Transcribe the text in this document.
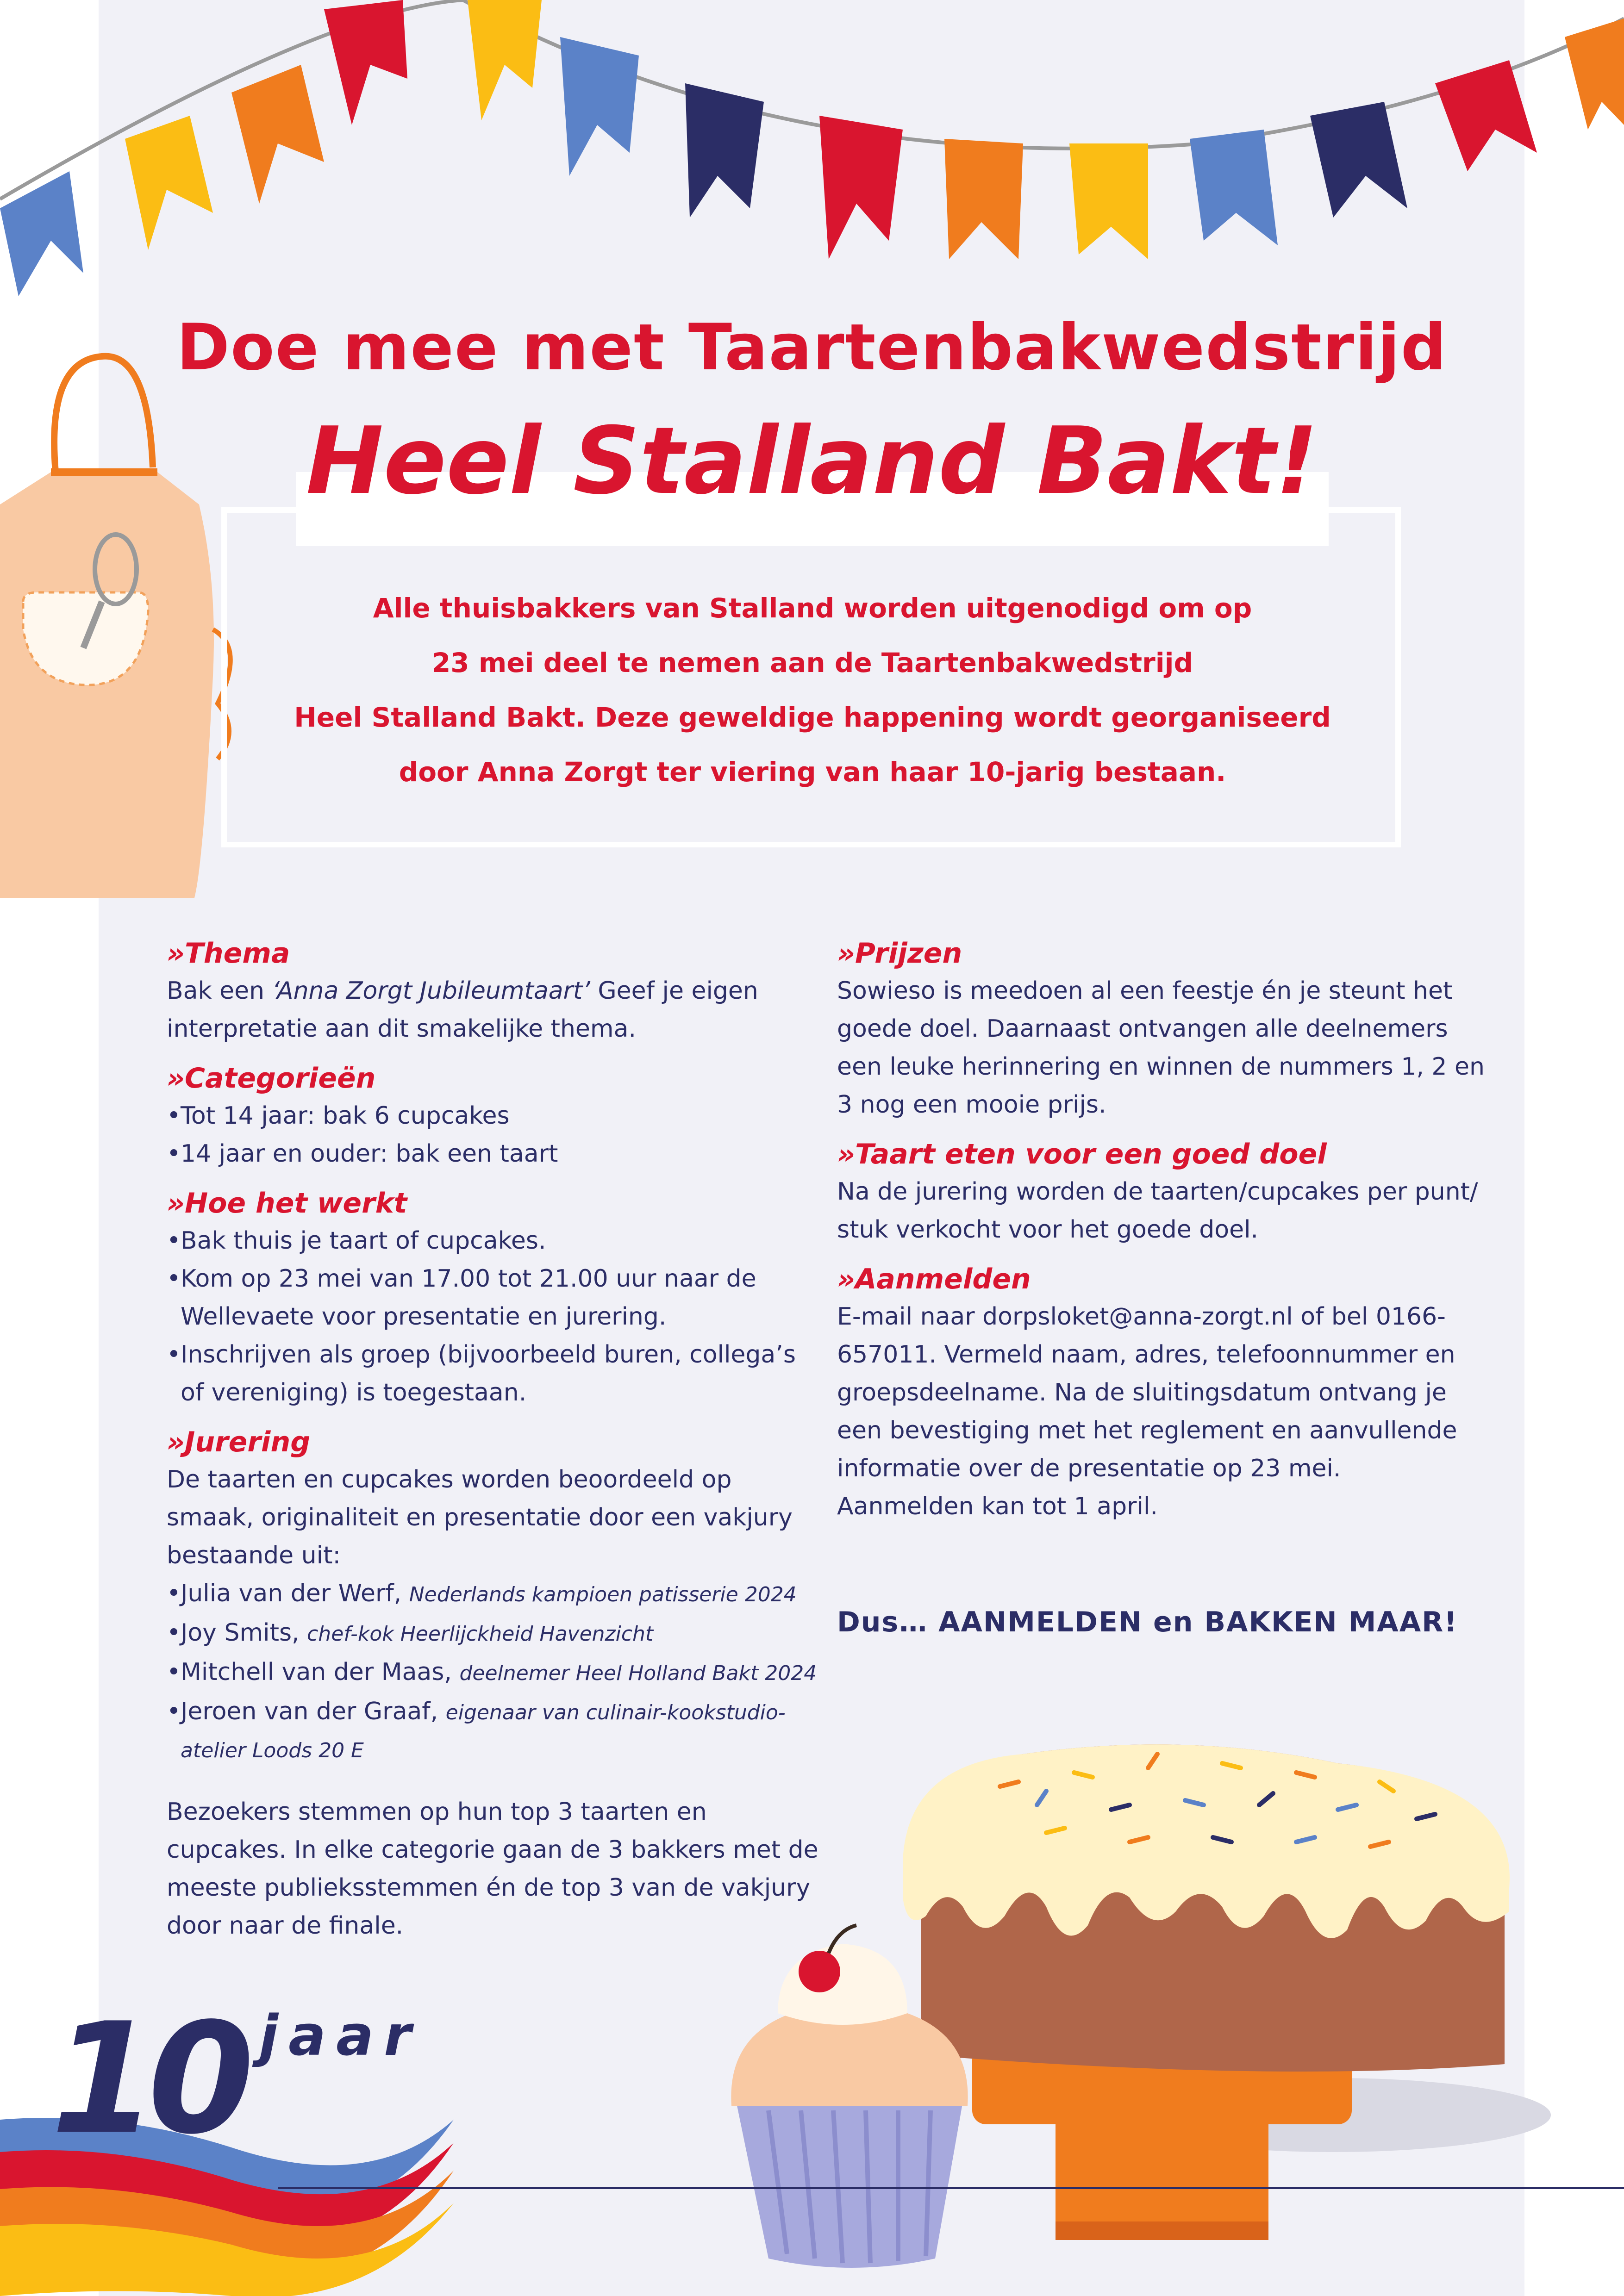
Doe mee met Taartenbakwedstrijd
Heel Stalland Bakt!
Alle thuisbakkers van Stalland worden uitgenodigd om op
23 mei deel te nemen aan de Taartenbakwedstrijd
Heel Stalland Bakt. Deze geweldige happening wordt georganiseerd
door Anna Zorgt ter viering van haar 10-jarig bestaan.
»Thema
Bak een ‘Anna Zorgt Jubileumtaart’ Geef je eigen
interpretatie aan dit smakelijke thema.
»Categorieën
• Tot 14 jaar: bak 6 cupcakes
• 14 jaar en ouder: bak een taart
»Hoe het werkt
• Bak thuis je taart of cupcakes.
• Kom op 23 mei van 17.00 tot 21.00 uur naar de
Wellevaete voor presentatie en jurering.
• Inschrijven als groep (bijvoorbeeld buren, collega’s
of vereniging) is toegestaan.
»Jurering
De taarten en cupcakes worden beoordeeld op
smaak, originaliteit en presentatie door een vakjury
bestaande uit:
• Julia van der Werf, Nederlands kampioen patisserie 2024
• Joy Smits, chef-kok Heerlijckheid Havenzicht
• Mitchell van der Maas, deelnemer Heel Holland Bakt 2024
• Jeroen van der Graaf, eigenaar van culinair-kookstudio-
atelier Loods 20 E
Bezoekers stemmen op hun top 3 taarten en
cupcakes. In elke categorie gaan de 3 bakkers met de
meeste publieksstemmen én de top 3 van de vakjury
door naar de finale.
»Prijzen
Sowieso is meedoen al een feestje én je steunt het
goede doel. Daarnaast ontvangen alle deelnemers
een leuke herinnering en winnen de nummers 1, 2 en
3 nog een mooie prijs.
»Taart eten voor een goed doel
Na de jurering worden de taarten/cupcakes per punt/
stuk verkocht voor het goede doel.
»Aanmelden
E-mail naar dorpsloket@anna-zorgt.nl of bel 0166-
657011. Vermeld naam, adres, telefoonnummer en
groepsdeelname. Na de sluitingsdatum ontvang je
een bevestiging met het reglement en aanvullende
informatie over de presentatie op 23 mei.
Aanmelden kan tot 1 april.
Dus… AANMELDEN en BAKKEN MAAR!
10 jaar
